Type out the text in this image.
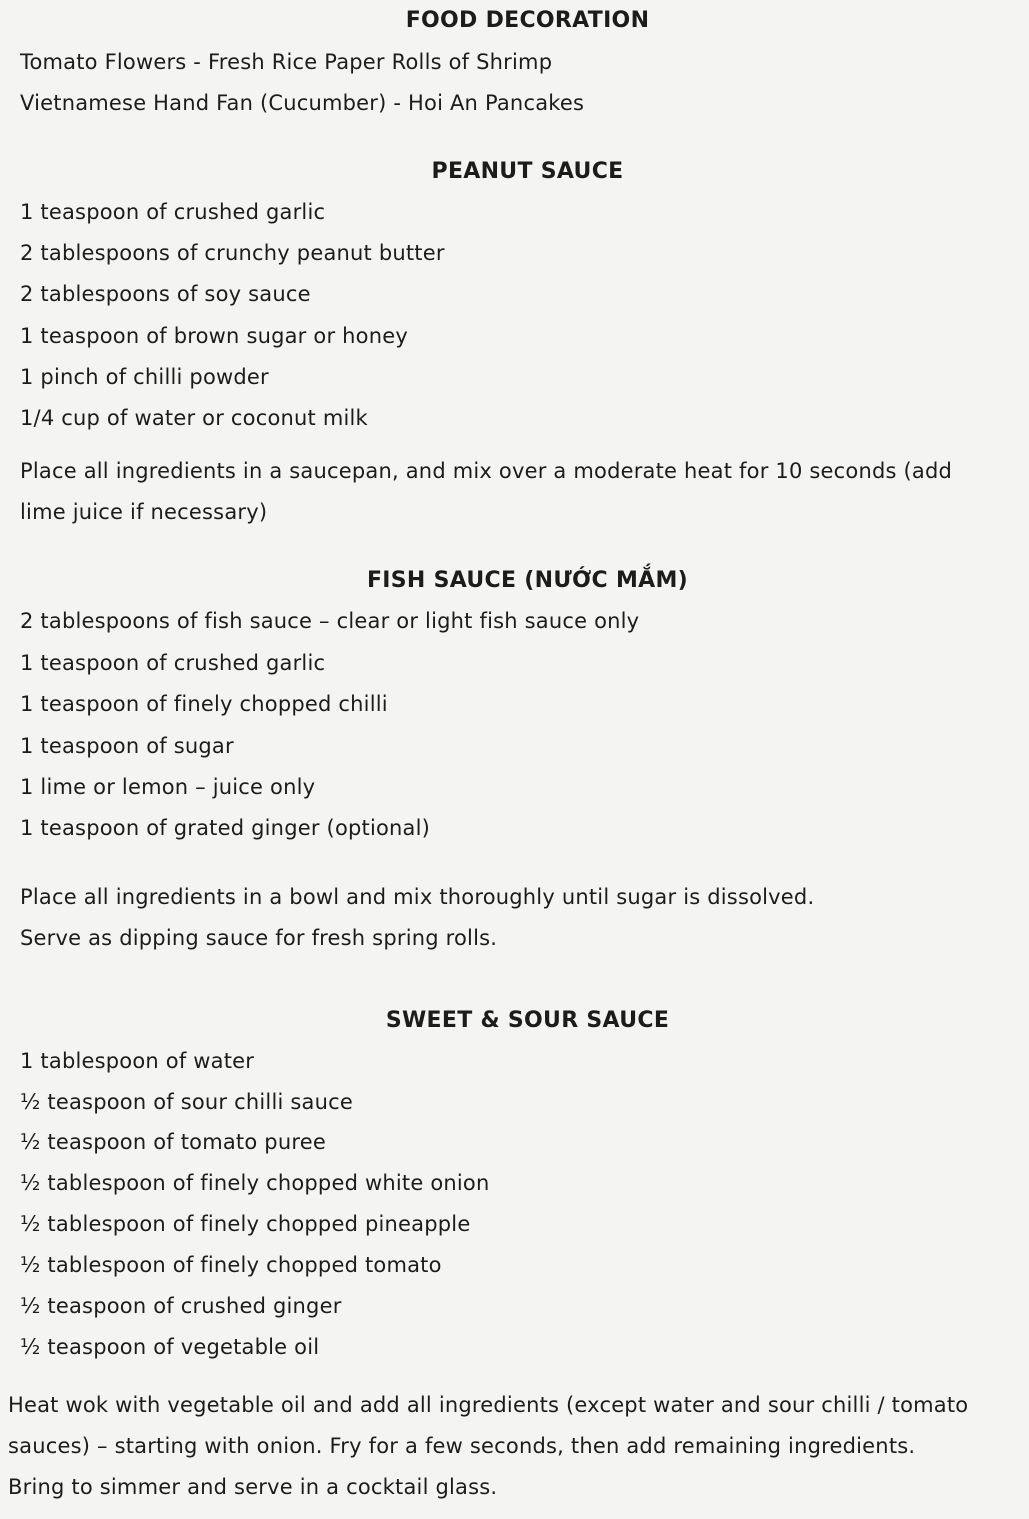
FOOD DECORATION
Tomato Flowers - Fresh Rice Paper Rolls of Shrimp
Vietnamese Hand Fan (Cucumber) - Hoi An Pancakes
PEANUT SAUCE
1 teaspoon of crushed garlic
2 tablespoons of crunchy peanut butter
2 tablespoons of soy sauce
1 teaspoon of brown sugar or honey
1 pinch of chilli powder
1/4 cup of water or coconut milk
Place all ingredients in a saucepan, and mix over a moderate heat for 10 seconds (add
lime juice if necessary)
FISH SAUCE (NƯỚC MẮM)
2 tablespoons of fish sauce – clear or light fish sauce only
1 teaspoon of crushed garlic
1 teaspoon of finely chopped chilli
1 teaspoon of sugar
1 lime or lemon – juice only
1 teaspoon of grated ginger (optional)
Place all ingredients in a bowl and mix thoroughly until sugar is dissolved.
Serve as dipping sauce for fresh spring rolls.
SWEET & SOUR SAUCE
1 tablespoon of water
½ teaspoon of sour chilli sauce
½ teaspoon of tomato puree
½ tablespoon of finely chopped white onion
½ tablespoon of finely chopped pineapple
½ tablespoon of finely chopped tomato
½ teaspoon of crushed ginger
½ teaspoon of vegetable oil
Heat wok with vegetable oil and add all ingredients (except water and sour chilli / tomato
sauces) – starting with onion. Fry for a few seconds, then add remaining ingredients.
Bring to simmer and serve in a cocktail glass.
